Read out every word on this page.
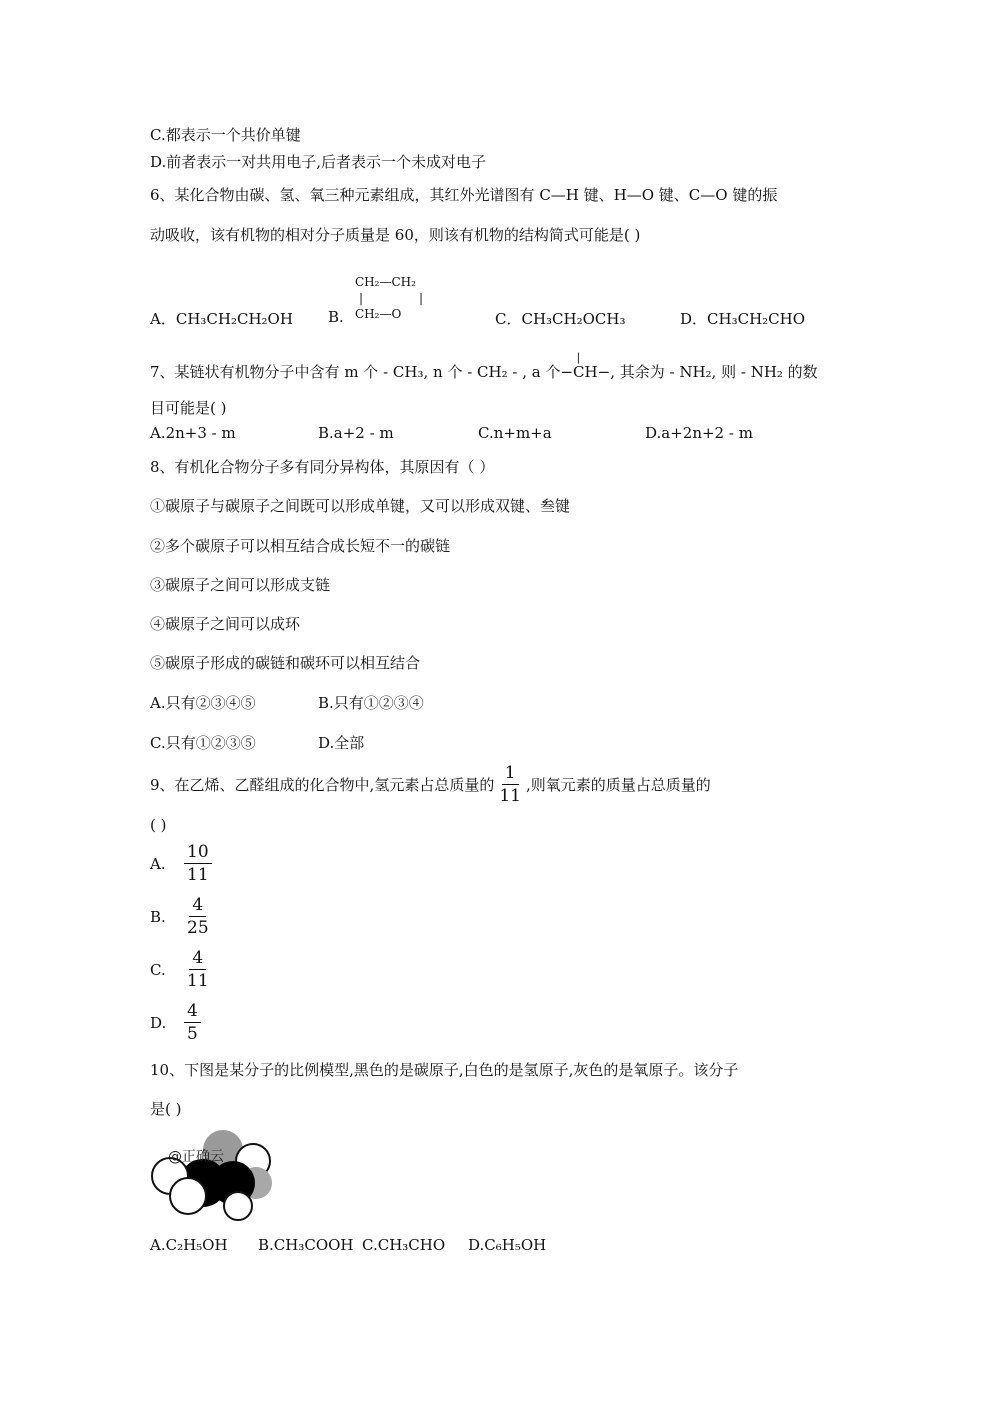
C.都表示一个共价单键
D.前者表示一对共用电子,后者表示一个未成对电子
6、某化合物由碳、氢、氧三种元素组成，其红外光谱图有 C—H 键、H—O 键、C—O 键的振
动吸收，该有机物的相对分子质量是 60，则该有机物的结构简式可能是( )
A．CH₃CH₂CH₂OH B.
CH₂—CH₂
|	|
CH₂—O	C．CH₃CH₂OCH₃	D．CH₃CH₂CHO
7、某链状有机物分子中含有 m 个 - CH₃, n 个 - CH₂ - , a 个
|
−CH−, 其余为 - NH₂, 则 - NH₂ 的数
目可能是( )
A.2n+3 - m	B.a+2 - m	C.n+m+a	D.a+2n+2 - m
8、有机化合物分子多有同分异构体，其原因有（ ）
①碳原子与碳原子之间既可以形成单键，又可以形成双键、叁键
②多个碳原子可以相互结合成长短不一的碳链
③碳原子之间可以形成支链
④碳原子之间可以成环
⑤碳原子形成的碳链和碳环可以相互结合
A.只有②③④⑤	B.只有①②③④
C.只有①②③⑤	D.全部
9、在乙烯、乙醛组成的化合物中,氢元素占总质量的 $\frac{1}{11}$ ,则氧元素的质量占总质量的
( )
A.	$\frac{10}{11}$
B.	$\frac{4}{25}$
C.	$\frac{4}{11}$
D.	$\frac{4}{5}$
10、下图是某分子的比例模型,黑色的是碳原子,白色的是氢原子,灰色的是氧原子。该分子
是( )
@正确云
A.C₂H₅OH B.CH₃COOH C.CH₃CHO D.C₆H₅OH
